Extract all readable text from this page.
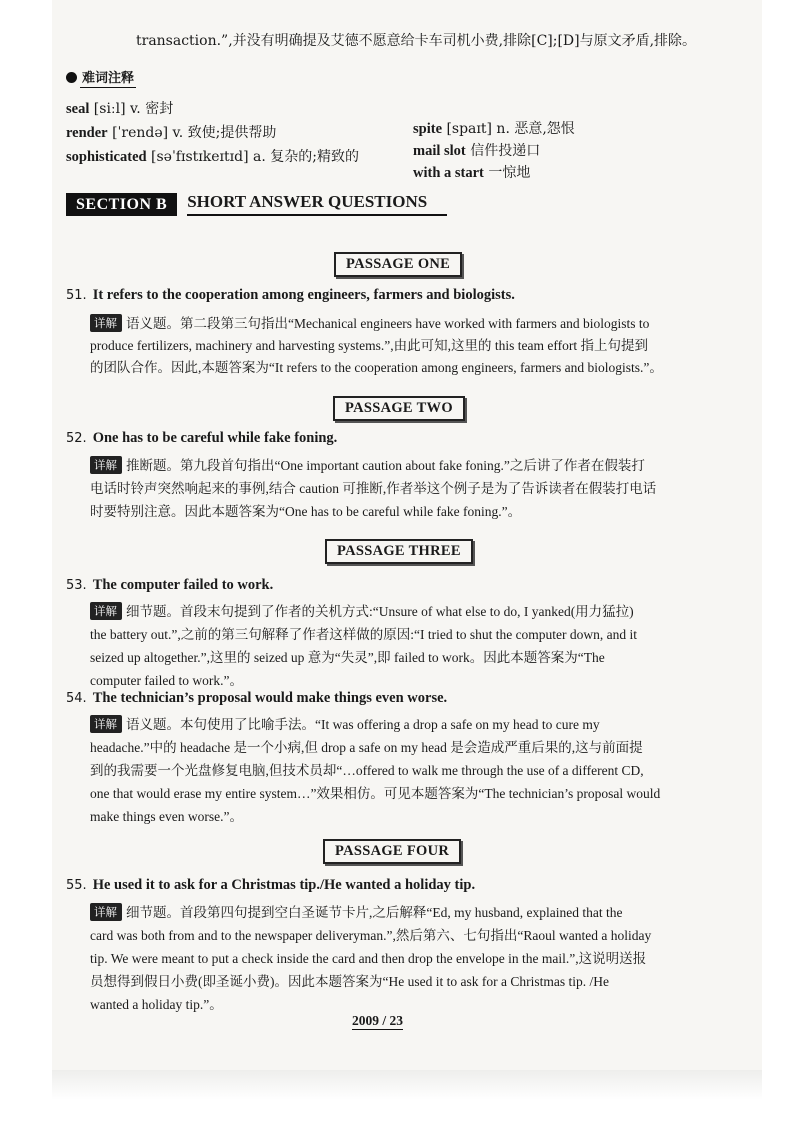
transaction.”,并没有明确提及艾德不愿意给卡车司机小费,排除[C];[D]与原文矛盾,排除。
难词注释
seal [siːl] v. 密封
render [ˈrendə] v. 致使;提供帮助
sophisticated [səˈfɪstɪkeɪtɪd] a. 复杂的;精致的
spite [spaɪt] n. 恶意,怨恨
mail slot 信件投递口
with a start 一惊地
SECTION B	SHORT ANSWER QUESTIONS
PASSAGE ONE
51. It refers to the cooperation among engineers, farmers and biologists.
详解 语义题。第二段第三句指出“Mechanical engineers have worked with farmers and biologists to
produce fertilizers, machinery and harvesting systems.”,由此可知,这里的 this team effort 指上句提到
的团队合作。因此,本题答案为“It refers to the cooperation among engineers, farmers and biologists.”。
PASSAGE TWO
52. One has to be careful while fake foning.
详解 推断题。第九段首句指出“One important caution about fake foning.”之后讲了作者在假装打
电话时铃声突然响起来的事例,结合 caution 可推断,作者举这个例子是为了告诉读者在假装打电话
时要特别注意。因此本题答案为“One has to be careful while fake foning.”。
PASSAGE THREE
53. The computer failed to work.
详解 细节题。首段末句提到了作者的关机方式:“Unsure of what else to do, I yanked(用力猛拉)
the battery out.”,之前的第三句解释了作者这样做的原因:“I tried to shut the computer down, and it
seized up altogether.”,这里的 seized up 意为“失灵”,即 failed to work。因此本题答案为“The
computer failed to work.”。
54. The technician’s proposal would make things even worse.
详解 语义题。本句使用了比喻手法。“It was offering a drop a safe on my head to cure my
headache.”中的 headache 是一个小病,但 drop a safe on my head 是会造成严重后果的,这与前面提
到的我需要一个光盘修复电脑,但技术员却“…offered to walk me through the use of a different CD,
one that would erase my entire system…”效果相仿。可见本题答案为“The technician’s proposal would
make things even worse.”。
PASSAGE FOUR
55. He used it to ask for a Christmas tip./He wanted a holiday tip.
详解 细节题。首段第四句提到空白圣诞节卡片,之后解释“Ed, my husband, explained that the
card was both from and to the newspaper deliveryman.”,然后第六、七句指出“Raoul wanted a holiday
tip. We were meant to put a check inside the card and then drop the envelope in the mail.”,这说明送报
员想得到假日小费(即圣诞小费)。因此本题答案为“He used it to ask for a Christmas tip. /He
wanted a holiday tip.”。
2009 / 23
